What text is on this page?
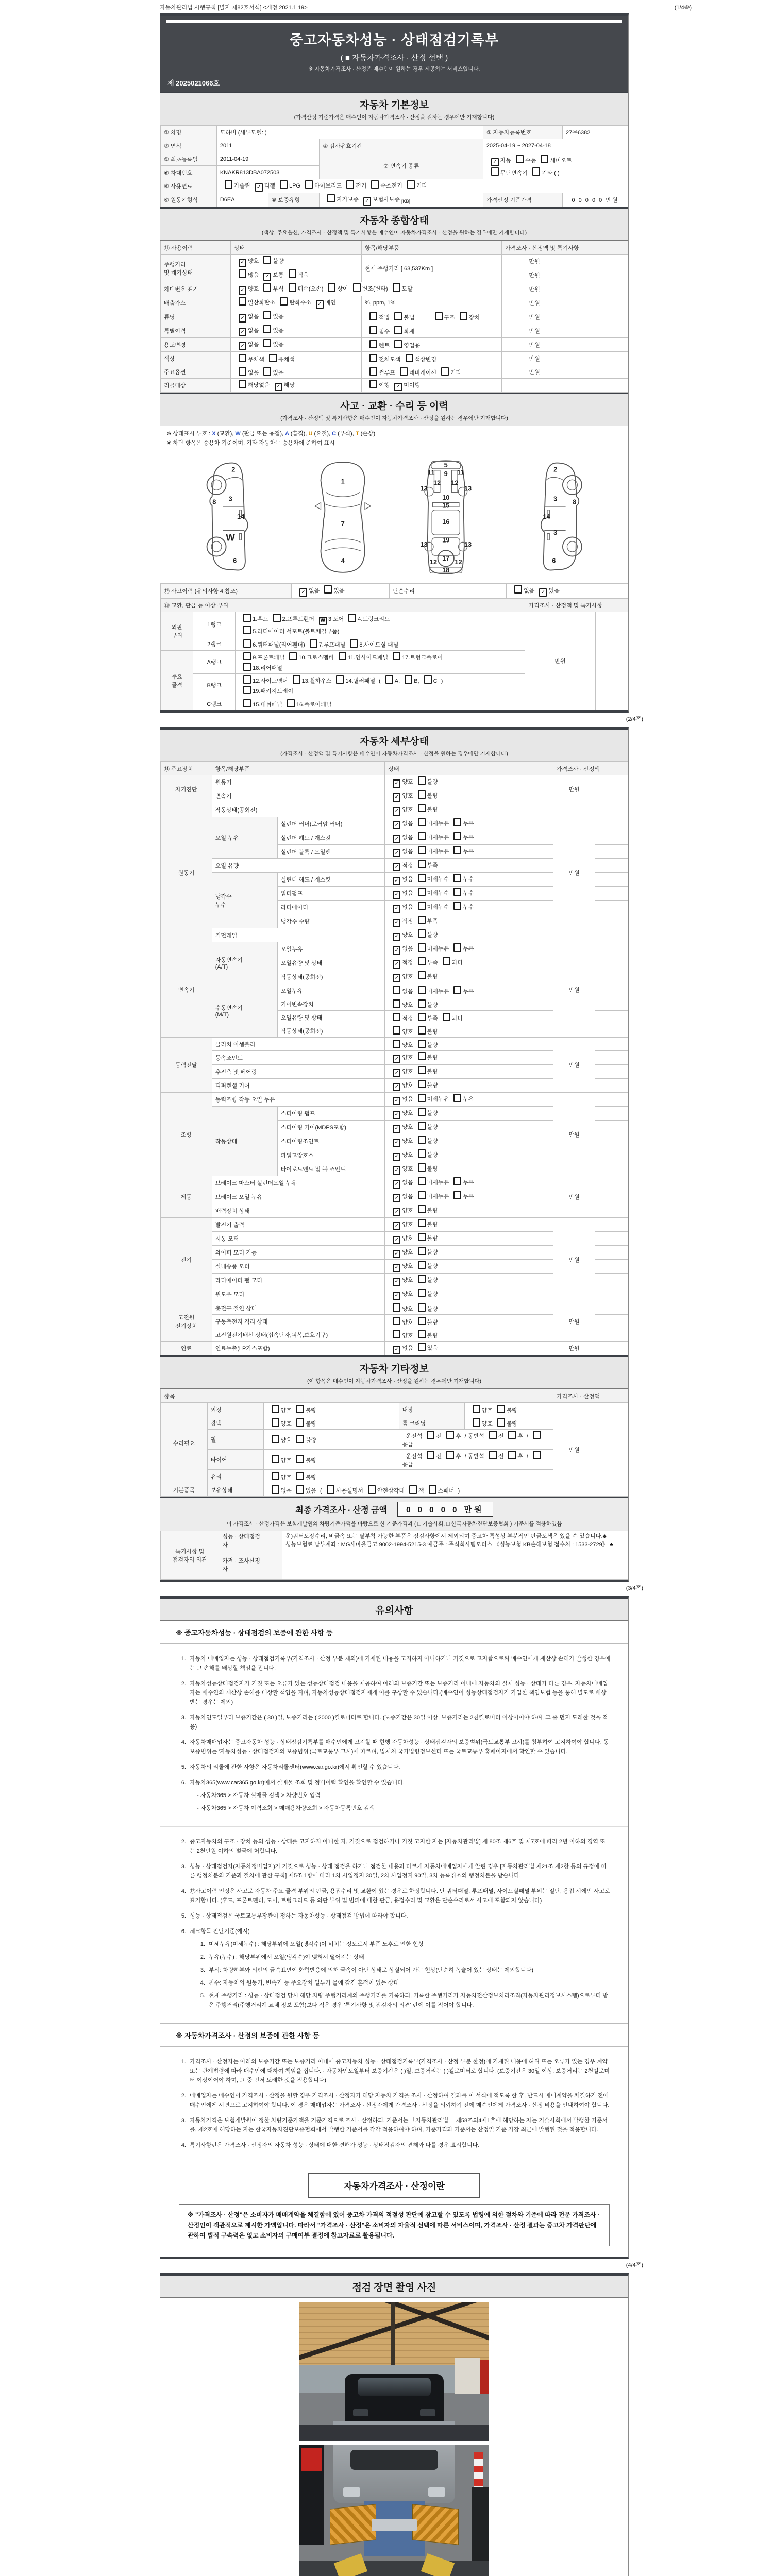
자동차관리법 시행규칙 [별지 제82호서식] <개정 2021.1.19>	(1/4쪽)
중고자동차성능 · 상태점검기록부
( ■ 자동차가격조사 · 산정 선택 )
※ 자동차가격조사 · 산정은 매수인이 원하는 경우 제공하는 서비스입니다.
제 2025021066호
자동차 기본정보
(가격산정 기준가격은 매수인이 자동차가격조사 · 산정을 원하는 경우에만 기재합니다)
① 차명	모하비 (세부모델: )			② 자동차등록번호	27무6382
③ 연식	2011		④ 검사유효기간	2025-04-19 ~ 2027-04-18	
⑤ 최초등록일	2011-04-19		⑦ 변속기 종류	✓ 자동 수동 세미오토
무단변속기 기타 ( )	

⑥ 차대번호	KNAKR813DBA072503				
⑧ 사용연료	가솔린 ✓ 디젤 LPG 하이브리드 전기 수소전기 기타				
⑨ 원동기형식	D6EA	⑩ 보증유형	자가보증 ✓ 보험사보증 $_{[KB]}$	가격산정 기준가격	0 0 0 0 0 만원
자동차 종합상태
(색상, 주요옵션, 가격조사 · 산정액 및 특기사항은 매수인이 자동차가격조사 · 산정을 원하는 경우에만 기재합니다)
⑪ 사용이력	상태	항목/해당부품	가격조사 · 산정액 및 특기사항	
주행거리
및 계기상태	✓ 양호 불량	현재 주행거리 [ 63,537Km ]	만원	
	많음 ✓ 보통 적음		만원	
차대번호 표기	✓ 양호 부식 훼손(오손) 상이 변조(변타) 도말		만원	
배출가스	일산화탄소 탄화수소 ✓ 매연	%, ppm, 1%	만원	
튜닝	✓ 없음 있음	적법 불법 구조 장치	만원	
특별이력	✓ 없음 있음	침수 화재	만원	
용도변경	✓ 없음 있음	렌트 영업용	만원	
색상	무채색 유채색	전체도색 색상변경	만원	
주요옵션	없음 있음	썬루프 네비게이션 기타	만원	
리콜대상	해당없음 ✓ 해당	이행 ✓ 미이행		
사고 · 교환 · 수리 등 이력
(가격조사 · 산정액 및 특기사항은 매수인이 자동차가격조사 · 산정을 원하는 경우에만 기재합니다)
※ 상태표시 부호 : X (교환), W (판금 또는 용접), A (흠집), U (요철), C (부식), T (손상)
※ 하단 항목은 승용차 기준이며, 기타 자동차는 승용차에 준하여 표시
2
8	3
14
W
6
1
7
4
5
11 9 11
12 12
13	13
10
15
16
19
13	13
12 17 12
18
2
3	8
14
3
6
⑫ 사고이력 (유의사항 4.참조)	✓ 없음 있음	단순수리	없음 ✓ 있음
⑬ 교환, 판금 등 이상 부위			가격조사 · 산정액 및 특기사항	
외판
부위	1랭크	
1.후드 2.프론트휀더 W 3.도어 4.트렁크리드
5.라디에이터 서포트(볼트체결부품)
	만원	
	2랭크	6.쿼터패널(리어휀더) 7.루프패널 8.사이드실 패널		

주요
골격	A랭크	
9.프론트패널 10.크로스멤버 11.인사이드패널 17.트렁크플로어
18.리어패널

	B랭크	12.사이드멤버 13.휠하우스 14.필러패널 ( A, B, C )
19.패키지트레이		

	C랭크	15.대쉬패널 16.플로어패널		
(2/4쪽)
자동차 세부상태
(가격조사 · 산정액 및 특기사항은 매수인이 자동차가격조사 · 산정을 원하는 경우에만 기재합니다)
⑭ 주요장치	항목/해당부품		상태	가격조사 · 산정액	
자기진단	원동기		✓ 양호 불량	만원	
	변속기		✓ 양호 불량		
원동기	작동상태(공회전)		✓ 양호 불량	만원	
	오일 누유	실린더 커버(로커암 커버)	✓ 없음 미세누유 누유		
		실린더 헤드 / 개스킷	✓ 없음 미세누유 누유		
		실린더 블록 / 오일팬	✓ 없음 미세누유 누유		
	오일 유량		✓ 적정 부족		
	냉각수
누수	실린더 헤드 / 개스킷	✓ 없음 미세누수 누수		
		워터펌프	✓ 없음 미세누수 누수		
		라디에이터	✓ 없음 미세누수 누수		
		냉각수 수량	✓ 적정 부족		
	커먼레일		✓ 양호 불량		
변속기	자동변속기
(A/T)	오일누유	✓ 없음 미세누유 누유	만원	
		오일유량 및 상태	✓ 적정 부족 과다		
		작동상태(공회전)	✓ 양호 불량		
	수동변속기
(M/T)	오일누유	없음 미세누유 누유		
		기어변속장치	양호 불량		
		오일유량 및 상태	적정 부족 과다		
		작동상태(공회전)	양호 불량		
동력전달	클러치 어셈블리		양호 불량	만원	
	등속죠인트		✓ 양호 불량		
	추진축 및 베어링		✓ 양호 불량		
	디퍼렌셜 기어		✓ 양호 불량		
조향	동력조향 작동 오일 누유		✓ 없음 미세누유 누유	만원	
	작동상태	스티어링 펌프	✓ 양호 불량		
		스티어링 기어(MDPS포함)	✓ 양호 불량		
		스티어링조인트	✓ 양호 불량		
		파워고압호스	✓ 양호 불량		
		타이로드엔드 및 볼 조인트	✓ 양호 불량		
제동	브레이크 마스터 실린더오일 누유		✓ 없음 미세누유 누유	만원	
	브레이크 오일 누유		✓ 없음 미세누유 누유		
	배력장치 상태		✓ 양호 불량		
전기	발전기 출력		✓ 양호 불량	만원	
	시동 모터		✓ 양호 불량		
	와이퍼 모터 기능		✓ 양호 불량		
	실내송풍 모터		✓ 양호 불량		
	라디에이터 팬 모터		✓ 양호 불량		
	윈도우 모터		✓ 양호 불량		
고전원
전기장치	충전구 절연 상태		양호 불량	만원	
	구동축전지 격리 상태		양호 불량		
	고전원전기배선 상태(접속단자,피복,보호기구)		양호 불량		
연료	연료누출(LP가스포함)		✓ 없음 있음	만원	
자동차 기타정보
(이 항목은 매수인이 자동차가격조사 · 산정을 원하는 경우에만 기재합니다)
항목					가격조사 · 산정액	
수리필요	외장	양호 불량	내장	양호 불량	만원	
	광택	양호 불량	룸 크리닝	양호 불량		
	휠	양호 불량	운전석 전 후 / 동반석 전 후 /응급			
	타이어	양호 불량	운전석 전 후 / 동반석 전 후 /응급			
	유리	양호 불량				
기본품목	보유상태	없음 있음 ( 사용설명서 안전삼각대 잭 스패너 )				
최종 가격조사 · 산정 금액	0 0 0 0 0 만원
이 가격조사 · 산정가격은 보험개발원의 차량기준가액을 바탕으로 한 기준가격과 ( □ 기술사회, □ 한국자동차진단보증협회 ) 기준서를 적용하였음
특기사항 및
점검자의 의견	성능 · 상태점검
자	운)쿼터도장수리, 비금속 또는 탈부착 가능한 부품은 점검사항에서 제외되며 중고차 특성상 부분적인 판금도색은 있을 수 있습니다.♣ 성능보험료 납부계좌 : MG새마을금고 9002-1994-5215-3 예금주 : 주식회사팀모터스 《성능보험 KB손해보험 접수처 : 1533-2729》 ♣
	가격 · 조사산정
자	
(3/4쪽)
유의사항
※ 중고자동차성능 · 상태점검의 보증에 관한 사항 등
1. 자동차 매매업자는 성능 · 상태점검기록부(가격조사 · 산정 부분 제외)에 기재된 내용을 고지하지 아니하거나 거짓으로 고지함으로써 매수인에게 재산상 손해가 발생한 경우에는 그 손해를 배상할 책임을 집니다.
2. 자동차성능상태점검자가 거짓 또는 오류가 있는 성능상태점검 내용을 제공하여 아래의 보증기간 또는 보증거리 이내에 자동차의 실제 성능 · 상태가 다른 경우, 자동차매매업자는 매수인의 재산상 손해를 배상할 책임을 지며, 자동차성능상태점검자에게 이를 구상할 수 있습니다.(매수인이 성능상태점검자가 가입한 책임보험 등을 통해 별도로 배상받는 경우는 제외)
3. 자동차인도일부터 보증기간은 ( 30 )일, 보증거리는 ( 2000 )킬로미터로 합니다. (보증기간은 30일 이상, 보증거리는 2천킬로미터 이상이어야 하며, 그 중 먼저 도래한 것을 적용)
4. 자동차매매업자는 중고자동차 성능 · 상태점검기록부를 매수인에게 고지할 때 현행 자동차성능 · 상태점검자의 보증범위(국토교통부 고시)를 첨부하여 고지하여야 합니다. 동 보증범위는 '자동차성능 · 상태점검자의 보증범위'(국토교통부 고시)에 따르며, 법제처 국가법령정보센터 또는 국토교통부 홈페이지에서 확인할 수 있습니다.
5. 자동차의 리콜에 관한 사항은 자동차리콜센터(www.car.go.kr)에서 확인할 수 있습니다.
6. 자동차365(www.car365.go.kr)에서 실매물 조회 및 정비이력 확인을 확인할 수 있습니다.
- 자동차365 > 자동차 실매물 검색 > 차량번호 입력
- 자동차365 > 자동차 이력조회 > 매매용차량조회 > 자동차등록번호 검색
2. 중고자동차의 구조 · 장치 등의 성능 · 상태를 고지하지 아니한 자, 거짓으로 점검하거나 거짓 고지한 자는 [자동차관리법] 제 80조 제6호 및 제7호에 따라 2년 이하의 징역 또는 2천만원 이하의 벌금에 처합니다.
3. 성능 · 상태점검자(자동차정비업자)가 거짓으로 성능 · 상태 점검을 하거나 점검한 내용과 다르게 자동차매매업자에게 알린 경우 [자동차관리법 제21조 제2항 등의 규정에 따른 행정처분의 기준과 절차에 관한 규칙] 제5조 1항에 따라 1차 사업정지 30일, 2차 사업정지 90일, 3차 등록취소의 행정처분을 받습니다.
4. ⑫사고이력 인정은 사고로 자동차 주요 골격 부위의 판금, 용접수리 및 교환이 있는 경우로 한정합니다. 단 쿼터패널, 루프패널, 사이드실패널 부위는 절단, 용접 시에만 사고로 표기합니다. (후드, 프론트펜더, 도어, 트렁크리드 등 외판 부위 및 범퍼에 대한 판금, 용접수리 및 교환은 단순수리로서 사고에 포함되지 않습니다)
5. 성능 · 상태점검은 국토교통부장관이 정하는 자동차성능 · 상태점검 방법에 따라야 합니다.
6. 체크항목 판단기준(예시)
1. 미세누유(미세누수) : 해당부위에 오일(냉각수)이 비치는 정도로서 부품 노후로 인한 현상
2. 누유(누수) : 해당부위에서 오일(냉각수)이 맺혀서 떨어지는 상태
3. 부식: 차량하부와 외판의 금속표면이 화학반응에 의해 금속이 아닌 상태로 상실되어 가는 현상(단순히 녹슬어 있는 상태는 제외합니다)
4. 침수: 자동차의 원동기, 변속기 등 주요장치 일부가 물에 잠긴 흔적이 있는 상태
5. 현재 주행거리 : 성능 · 상태점검 당시 해당 차량 주행거리계의 주행거리를 기록하되, 기록한 주행거리가 자동차전산정보처리조직(자동차관리정보시스템)으로부터 받은 주행거리(주행거리계 교체 정보 포함)보다 적은 경우 '특기사항 및 점검자의 의견' 란에 이를 적어야 합니다.
※ 자동차가격조사 · 산정의 보증에 관한 사항 등
1. 가격조사 · 산정자는 아래의 보증기간 또는 보증거리 이내에 중고자동차 성능 · 상태점검기록부(가격조사 · 산정 부분 한정)에 기재된 내용에 허위 또는 오류가 있는 경우 계약 또는 관계법령에 따라 매수인에 대하여 책임을 집니다. · 자동차인도일부터 보증기간은 ( )일, 보증거리는 ( )킬로미터로 합니다. (보증기간은 30일 이상, 보증거리는 2천킬로미터 이상이어야 하며, 그 중 먼저 도래한 것을 적용합니다)
2. 매매업자는 매수인이 가격조사 · 산정을 원할 경우 가격조사 · 산정자가 해당 자동차 가격을 조사 · 산정하여 결과를 이 서식에 적도록 한 후, 반드시 매매계약을 체결하기 전에 매수인에게 서면으로 고지하여야 합니다. 이 경우 매매업자는 가격조사 · 산정자에게 가격조사 · 산정을 의뢰하기 전에 매수인에게 가격조사 · 산정 비용을 안내하여야 합니다.
3. 자동차가격은 보험개발원이 정한 차량기준가액을 기준가격으로 조사 · 산정하되, 기준서는 「자동차관리법」 제58조의4제1호에 해당하는 자는 기술사회에서 발행한 기준서를, 제2호에 해당하는 자는 한국자동차진단보증협회에서 발행한 기준서를 각각 적용하여야 하며, 기준가격과 기준서는 산정일 기준 가장 최근에 발행된 것을 적용합니다.
4. 특기사항란은 가격조사 · 산정자의 자동차 성능 · 상태에 대한 견해가 성능 · 상태점검자의 견해와 다를 경우 표시합니다.
자동차가격조사 · 산정이란
※ "가격조사 · 산정"은 소비자가 매매계약을 체결함에 있어 중고차 가격의 적절성 판단에 참고할 수 있도록 법령에 의한 절차와 기준에 따라 전문 가격조사 · 산정인이 객관적으로 제시한 가액입니다. 따라서 "가격조사 · 산정"은 소비자의 자율적 선택에 따른 서비스이며, 가격조사 · 산정 결과는 중고차 가격판단에 관하여 법적 구속력은 없고 소비자의 구매여부 결정에 참고자료로 활용됩니다.
(4/4쪽)
점검 장면 촬영 사진
